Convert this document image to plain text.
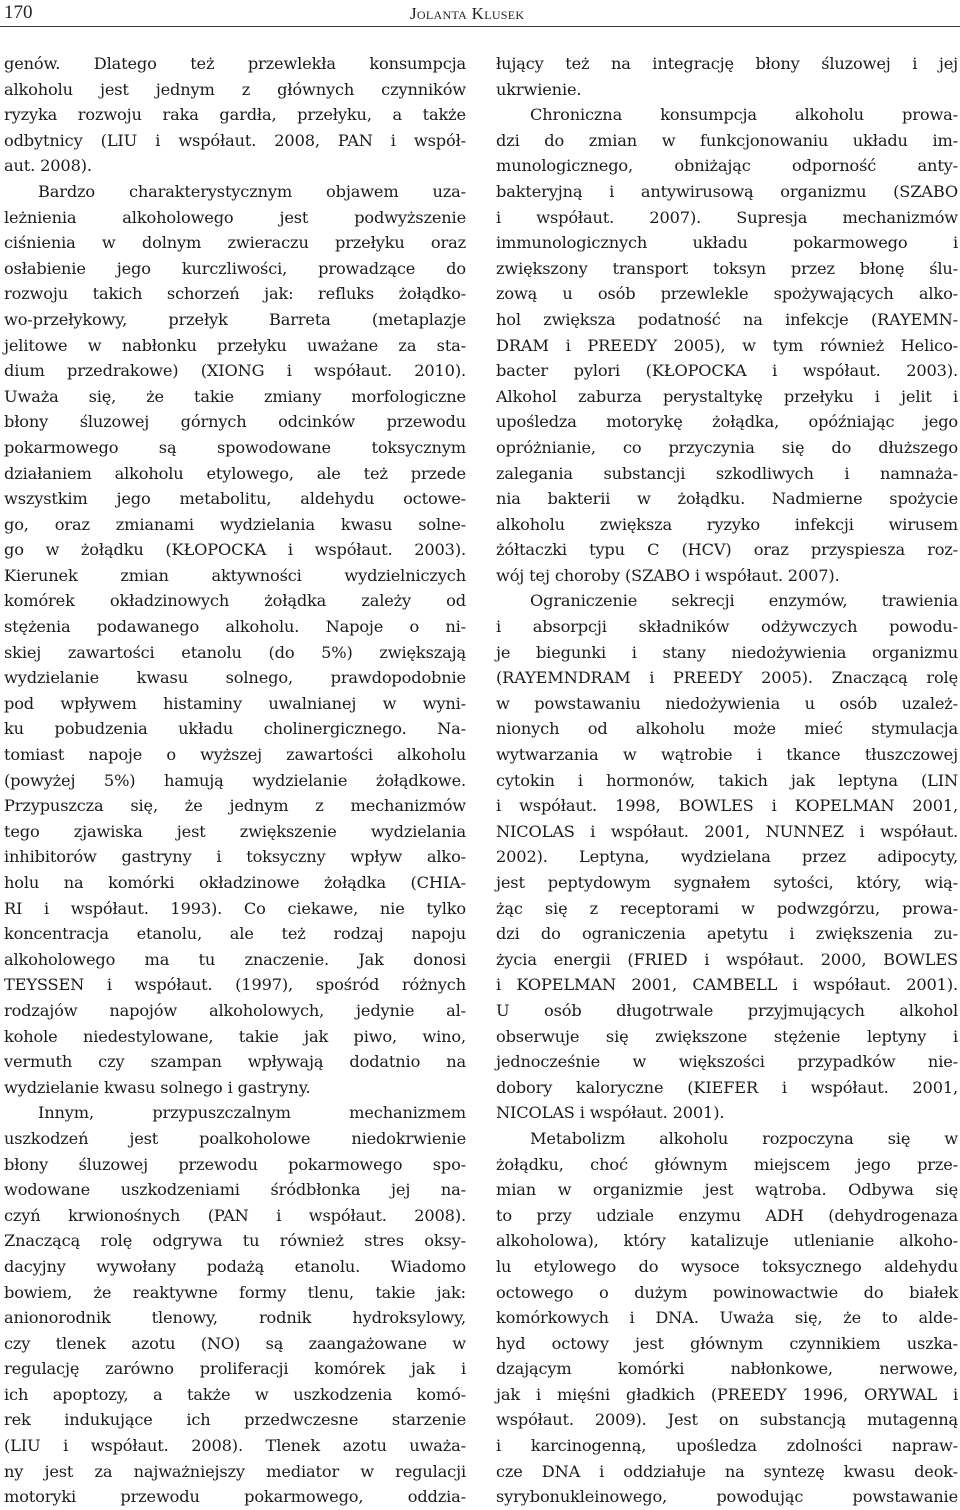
170	Jolanta Klusek
genów. Dlatego też przewlekła konsumpcja
alkoholu jest jednym z głównych czynników
ryzyka rozwoju raka gardła, przełyku, a także
odbytnicy (LIU i współaut. 2008, PAN i współ-
aut. 2008).
Bardzo charakterystycznym objawem uza-
leżnienia alkoholowego jest podwyższenie
ciśnienia w dolnym zwieraczu przełyku oraz
osłabienie jego kurczliwości, prowadzące do
rozwoju takich schorzeń jak: refluks żołądko-
wo-przełykowy, przełyk Barreta (metaplazje
jelitowe w nabłonku przełyku uważane za sta-
dium przedrakowe) (XIONG i współaut. 2010).
Uważa się, że takie zmiany morfologiczne
błony śluzowej górnych odcinków przewodu
pokarmowego są spowodowane toksycznym
działaniem alkoholu etylowego, ale też przede
wszystkim jego metabolitu, aldehydu octowe-
go, oraz zmianami wydzielania kwasu solne-
go w żołądku (KŁOPOCKA i współaut. 2003).
Kierunek zmian aktywności wydzielniczych
komórek okładzinowych żołądka zależy od
stężenia podawanego alkoholu. Napoje o ni-
skiej zawartości etanolu (do 5%) zwiększają
wydzielanie kwasu solnego, prawdopodobnie
pod wpływem histaminy uwalnianej w wyni-
ku pobudzenia układu cholinergicznego. Na-
tomiast napoje o wyższej zawartości alkoholu
(powyżej 5%) hamują wydzielanie żołądkowe.
Przypuszcza się, że jednym z mechanizmów
tego zjawiska jest zwiększenie wydzielania
inhibitorów gastryny i toksyczny wpływ alko-
holu na komórki okładzinowe żołądka (CHIA-
RI i współaut. 1993). Co ciekawe, nie tylko
koncentracja etanolu, ale też rodzaj napoju
alkoholowego ma tu znaczenie. Jak donosi
TEYSSEN i współaut. (1997), spośród różnych
rodzajów napojów alkoholowych, jedynie al-
kohole niedestylowane, takie jak piwo, wino,
vermuth czy szampan wpływają dodatnio na
wydzielanie kwasu solnego i gastryny.
Innym, przypuszczalnym mechanizmem
uszkodzeń jest poalkoholowe niedokrwienie
błony śluzowej przewodu pokarmowego spo-
wodowane uszkodzeniami śródbłonka jej na-
czyń krwionośnych (PAN i współaut. 2008).
Znaczącą rolę odgrywa tu również stres oksy-
dacyjny wywołany podażą etanolu. Wiadomo
bowiem, że reaktywne formy tlenu, takie jak:
anionorodnik tlenowy, rodnik hydroksylowy,
czy tlenek azotu (NO) są zaangażowane w
regulację zarówno proliferacji komórek jak i
ich apoptozy, a także w uszkodzenia komó-
rek indukujące ich przedwczesne starzenie
(LIU i współaut. 2008). Tlenek azotu uważa-
ny jest za najważniejszy mediator w regulacji
motoryki przewodu pokarmowego, oddzia-
łujący też na integrację błony śluzowej i jej
ukrwienie.
Chroniczna konsumpcja alkoholu prowa-
dzi do zmian w funkcjonowaniu układu im-
munologicznego, obniżając odporność anty-
bakteryjną i antywirusową organizmu (SZABO
i współaut. 2007). Supresja mechanizmów
immunologicznych układu pokarmowego i
zwiększony transport toksyn przez błonę ślu-
zową u osób przewlekle spożywających alko-
hol zwiększa podatność na infekcje (RAYEMN-
DRAM i PREEDY 2005), w tym również Helico-
bacter pylori (KŁOPOCKA i współaut. 2003).
Alkohol zaburza perystaltykę przełyku i jelit i
upośledza motorykę żołądka, opóźniając jego
opróżnianie, co przyczynia się do dłuższego
zalegania substancji szkodliwych i namnaża-
nia bakterii w żołądku. Nadmierne spożycie
alkoholu zwiększa ryzyko infekcji wirusem
żółtaczki typu C (HCV) oraz przyspiesza roz-
wój tej choroby (SZABO i współaut. 2007).
Ograniczenie sekrecji enzymów, trawienia
i absorpcji składników odżywczych powodu-
je biegunki i stany niedożywienia organizmu
(RAYEMNDRAM i PREEDY 2005). Znaczącą rolę
w powstawaniu niedożywienia u osób uzależ-
nionych od alkoholu może mieć stymulacja
wytwarzania w wątrobie i tkance tłuszczowej
cytokin i hormonów, takich jak leptyna (LIN
i współaut. 1998, BOWLES i KOPELMAN 2001,
NICOLAS i współaut. 2001, NUNNEZ i współaut.
2002). Leptyna, wydzielana przez adipocyty,
jest peptydowym sygnałem sytości, który, wią-
żąc się z receptorami w podwzgórzu, prowa-
dzi do ograniczenia apetytu i zwiększenia zu-
życia energii (FRIED i współaut. 2000, BOWLES
i KOPELMAN 2001, CAMBELL i współaut. 2001).
U osób długotrwale przyjmujących alkohol
obserwuje się zwiększone stężenie leptyny i
jednocześnie w większości przypadków nie-
dobory kaloryczne (KIEFER i współaut. 2001,
NICOLAS i współaut. 2001).
Metabolizm alkoholu rozpoczyna się w
żołądku, choć głównym miejscem jego prze-
mian w organizmie jest wątroba. Odbywa się
to przy udziale enzymu ADH (dehydrogenaza
alkoholowa), który katalizuje utlenianie alkoho-
lu etylowego do wysoce toksycznego aldehydu
octowego o dużym powinowactwie do białek
komórkowych i DNA. Uważa się, że to alde-
hyd octowy jest głównym czynnikiem uszka-
dzającym komórki nabłonkowe, nerwowe,
jak i mięśni gładkich (PREEDY 1996, ORYWAL i
współaut. 2009). Jest on substancją mutagenną
i karcinogenną, upośledza zdolności napraw-
cze DNA i oddziałuje na syntezę kwasu deok-
syrybonukleinowego, powodując powstawanie
